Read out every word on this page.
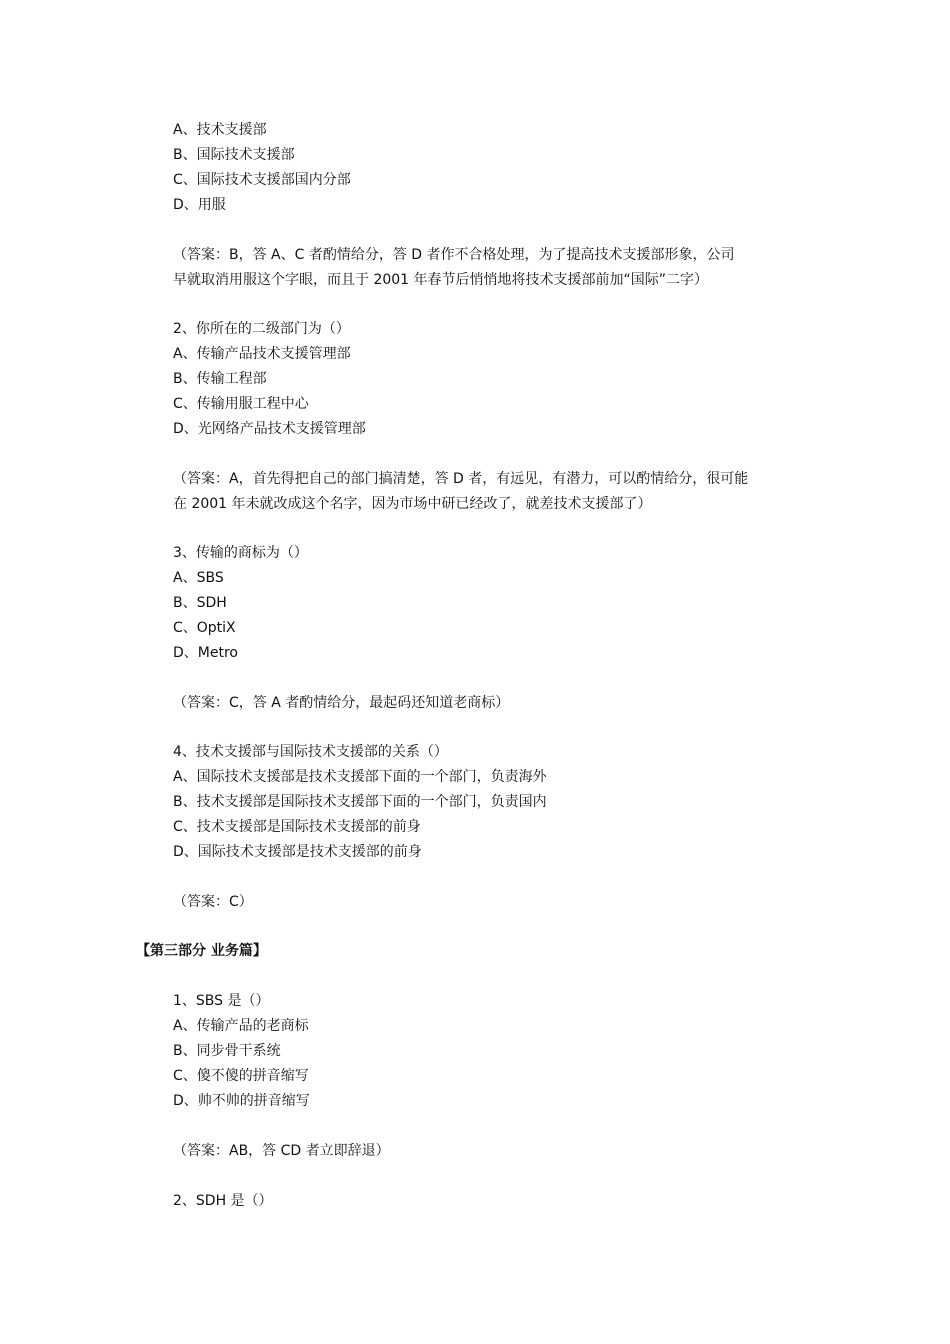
A、技术支援部
B、国际技术支援部
C、国际技术支援部国内分部
D、用服
（答案：B，答 A、C 者酌情给分，答 D 者作不合格处理，为了提高技术支援部形象，公司
早就取消用服这个字眼，而且于 2001 年春节后悄悄地将技术支援部前加“国际”二字）
2、你所在的二级部门为（）
A、传输产品技术支援管理部
B、传输工程部
C、传输用服工程中心
D、光网络产品技术支援管理部
（答案：A，首先得把自己的部门搞清楚，答 D 者，有远见，有潜力，可以酌情给分，很可能
在 2001 年未就改成这个名字，因为市场中研已经改了，就差技术支援部了）
3、传输的商标为（）
A、SBS
B、SDH
C、OptiX
D、Metro
（答案：C，答 A 者酌情给分，最起码还知道老商标）
4、技术支援部与国际技术支援部的关系（）
A、国际技术支援部是技术支援部下面的一个部门，负责海外
B、技术支援部是国际技术支援部下面的一个部门，负责国内
C、技术支援部是国际技术支援部的前身
D、国际技术支援部是技术支援部的前身
（答案：C）
【第三部分 业务篇】
1、SBS 是（）
A、传输产品的老商标
B、同步骨干系统
C、傻不傻的拼音缩写
D、帅不帅的拼音缩写
（答案：AB，答 CD 者立即辞退）
2、SDH 是（）
